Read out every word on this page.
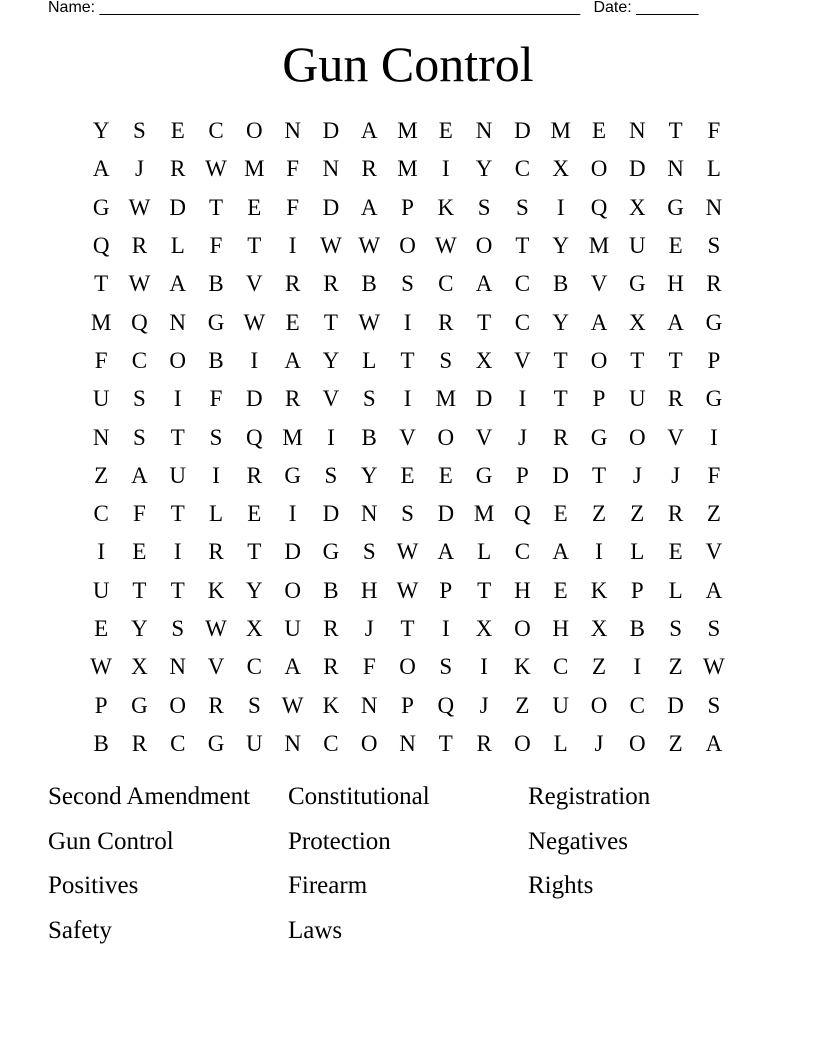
Name: ______________________________________________________ Date: _______
Gun Control
Y	S	E	C O N D A M E N D M E N T	F
A	J	R W M F	N R M	I	Y C X O D N L
G W D T	E	F	D A	P	K	S	S	I	Q X G N
Q R	L	F	T	I	W W O W O T Y M U E	S
T W A B V R R B	S	C A C B V G H R
M Q N G W E	T W	I	R	T	C Y A X A G
F	C O B	I	A Y L	T	S	X V T O T	T	P
U	S	I	F	D R V	S	I	M D	I	T	P	U R G
N	S	T	S	Q M	I	B V O V	J	R G O V	I
Z A U	I	R G	S	Y E	E G	P	D T	J	J	F
C	F	T	L	E	I	D N	S	D M Q E	Z	Z	R	Z
I	E	I	R	T D G	S W A L	C A	I	L	E V
U T	T K Y O B H W P	T H E K	P	L A
E Y	S W X U R	J	T	I	X O H X B	S	S
W X N V C A R	F	O	S	I	K C	Z	I	Z W
P	G O R	S W K N	P	Q	J	Z U O C D	S
B R C G U N C O N T	R O L	J	O Z A
Second Amendment	Constitutional	Registration
Gun Control	Protection	Negatives
Positives	Firearm	Rights
Safety	Laws
